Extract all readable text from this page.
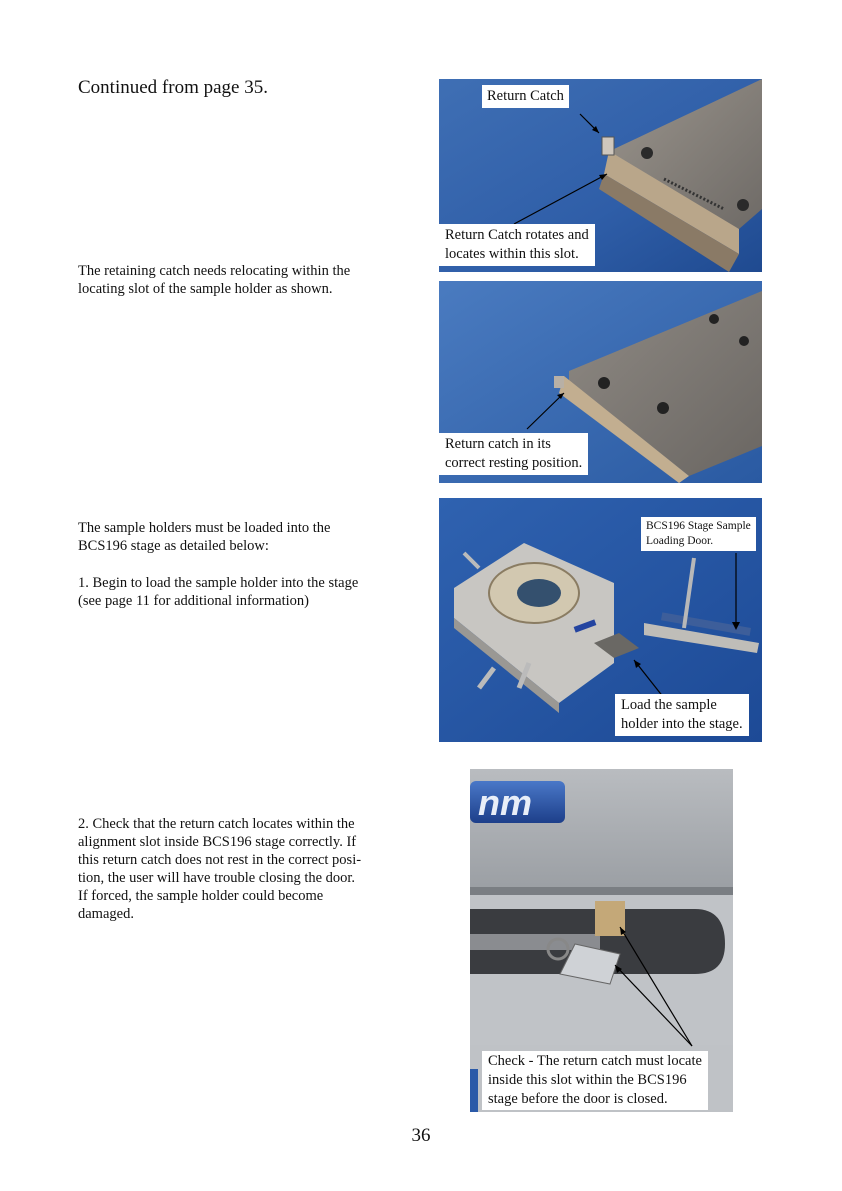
Continued from page 35.
The retaining catch needs relocating within the
locating slot of the sample holder as shown.
The sample holders must be loaded into the
BCS196 stage as detailed below:
1. Begin to load the sample holder into the stage
(see page 11 for additional information)
2. Check that the return catch locates within the
alignment slot inside BCS196 stage correctly. If
this return catch does not rest in the correct posi-
tion, the user will have trouble closing the door.
If forced, the sample holder could become
damaged.
Return Catch
Return Catch rotates and
locates within this slot.
Return catch in its
correct resting position.
BCS196 Stage Sample
Loading Door.
Load the sample
holder into the stage.
nm
Check - The return catch must locate
inside this slot within the BCS196
stage before the door is closed.
36
